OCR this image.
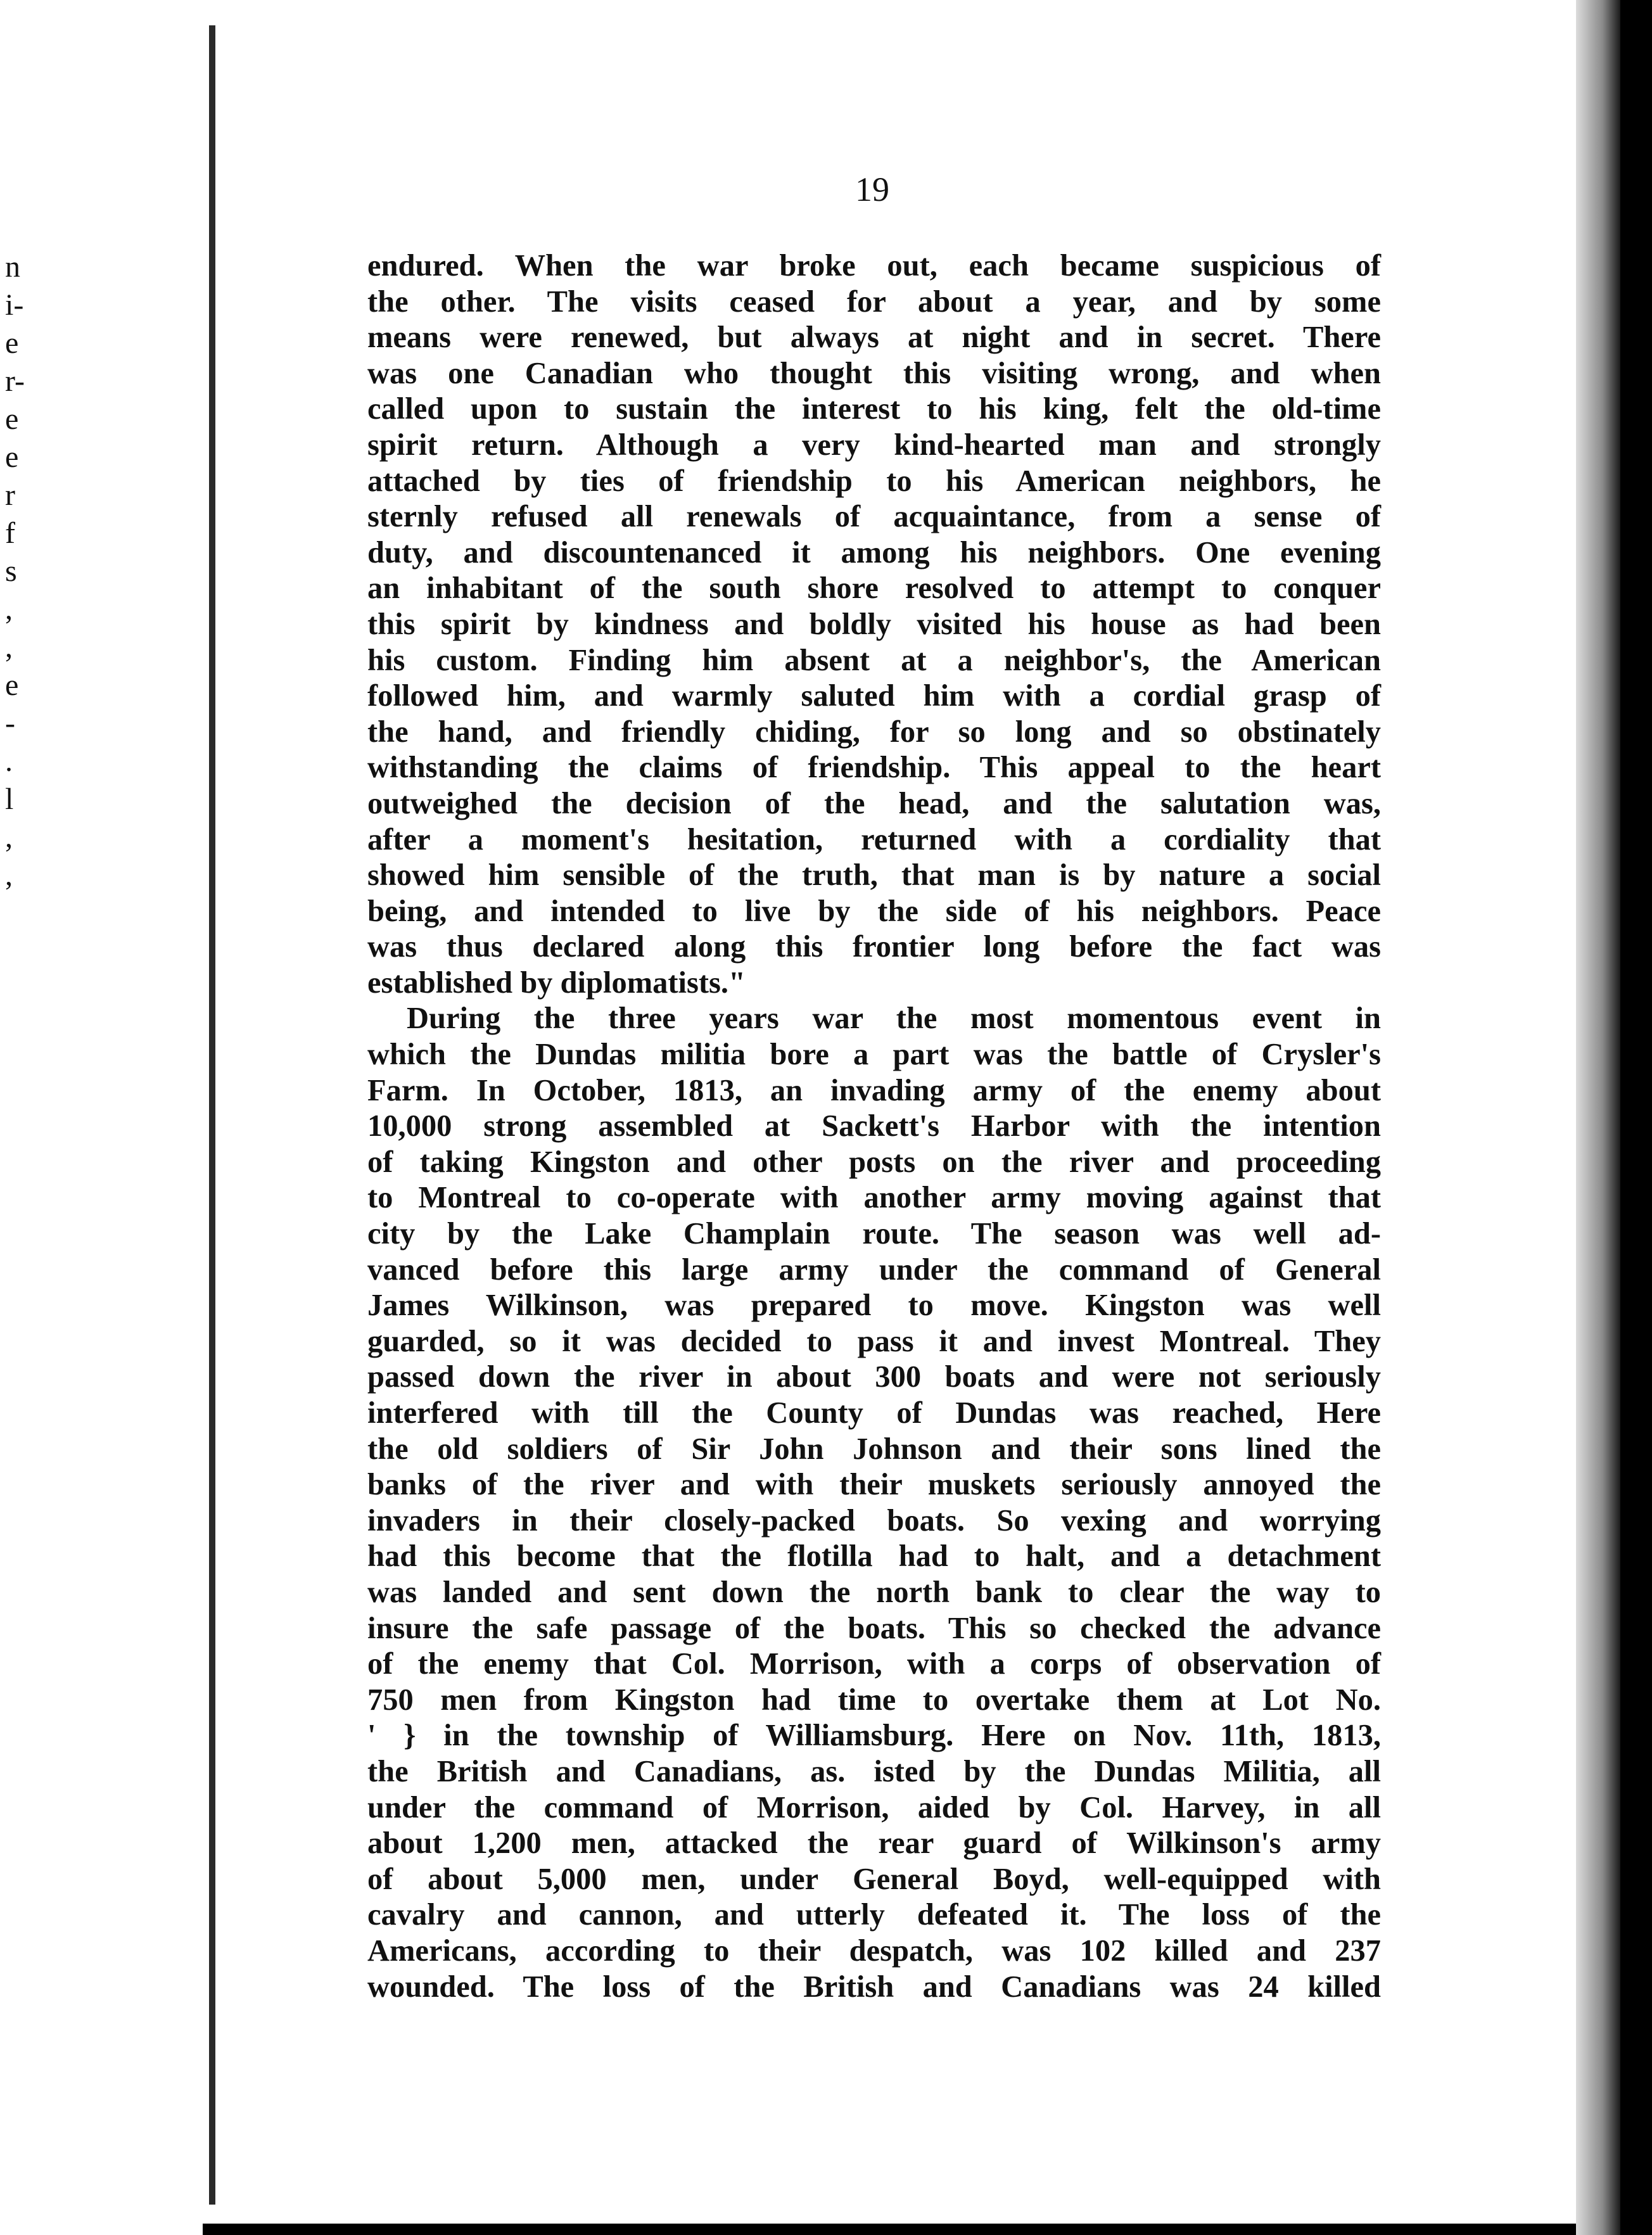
n
i-
e
r-
e
e
r
f
s
,
,
e
-
.
l
,
,
19
endured. When the war broke out, each became suspicious of
the other. The visits ceased for about a year, and by some
means were renewed, but always at night and in secret. There
was one Canadian who thought this visiting wrong, and when
called upon to sustain the interest to his king, felt the old-time
spirit return. Although a very kind-hearted man and strongly
attached by ties of friendship to his American neighbors, he
sternly refused all renewals of acquaintance, from a sense of
duty, and discountenanced it among his neighbors. One evening
an inhabitant of the south shore resolved to attempt to conquer
this spirit by kindness and boldly visited his house as had been
his custom. Finding him absent at a neighbor's, the American
followed him, and warmly saluted him with a cordial grasp of
the hand, and friendly chiding, for so long and so obstinately
withstanding the claims of friendship. This appeal to the heart
outweighed the decision of the head, and the salutation was,
after a moment's hesitation, returned with a cordiality that
showed him sensible of the truth, that man is by nature a social
being, and intended to live by the side of his neighbors. Peace
was thus declared along this frontier long before the fact was
established by diplomatists."
During the three years war the most momentous event in
which the Dundas militia bore a part was the battle of Crysler's
Farm. In October, 1813, an invading army of the enemy about
10,000 strong assembled at Sackett's Harbor with the intention
of taking Kingston and other posts on the river and proceeding
to Montreal to co-operate with another army moving against that
city by the Lake Champlain route. The season was well ad-
vanced before this large army under the command of General
James Wilkinson, was prepared to move. Kingston was well
guarded, so it was decided to pass it and invest Montreal. They
passed down the river in about 300 boats and were not seriously
interfered with till the County of Dundas was reached, Here
the old soldiers of Sir John Johnson and their sons lined the
banks of the river and with their muskets seriously annoyed the
invaders in their closely-packed boats. So vexing and worrying
had this become that the flotilla had to halt, and a detachment
was landed and sent down the north bank to clear the way to
insure the safe passage of the boats. This so checked the advance
of the enemy that Col. Morrison, with a corps of observation of
750 men from Kingston had time to overtake them at Lot No.
' } in the township of Williamsburg. Here on Nov. 11th, 1813,
the British and Canadians, as. isted by the Dundas Militia, all
under the command of Morrison, aided by Col. Harvey, in all
about 1,200 men, attacked the rear guard of Wilkinson's army
of about 5,000 men, under General Boyd, well-equipped with
cavalry and cannon, and utterly defeated it. The loss of the
Americans, according to their despatch, was 102 killed and 237
wounded. The loss of the British and Canadians was 24 killed
